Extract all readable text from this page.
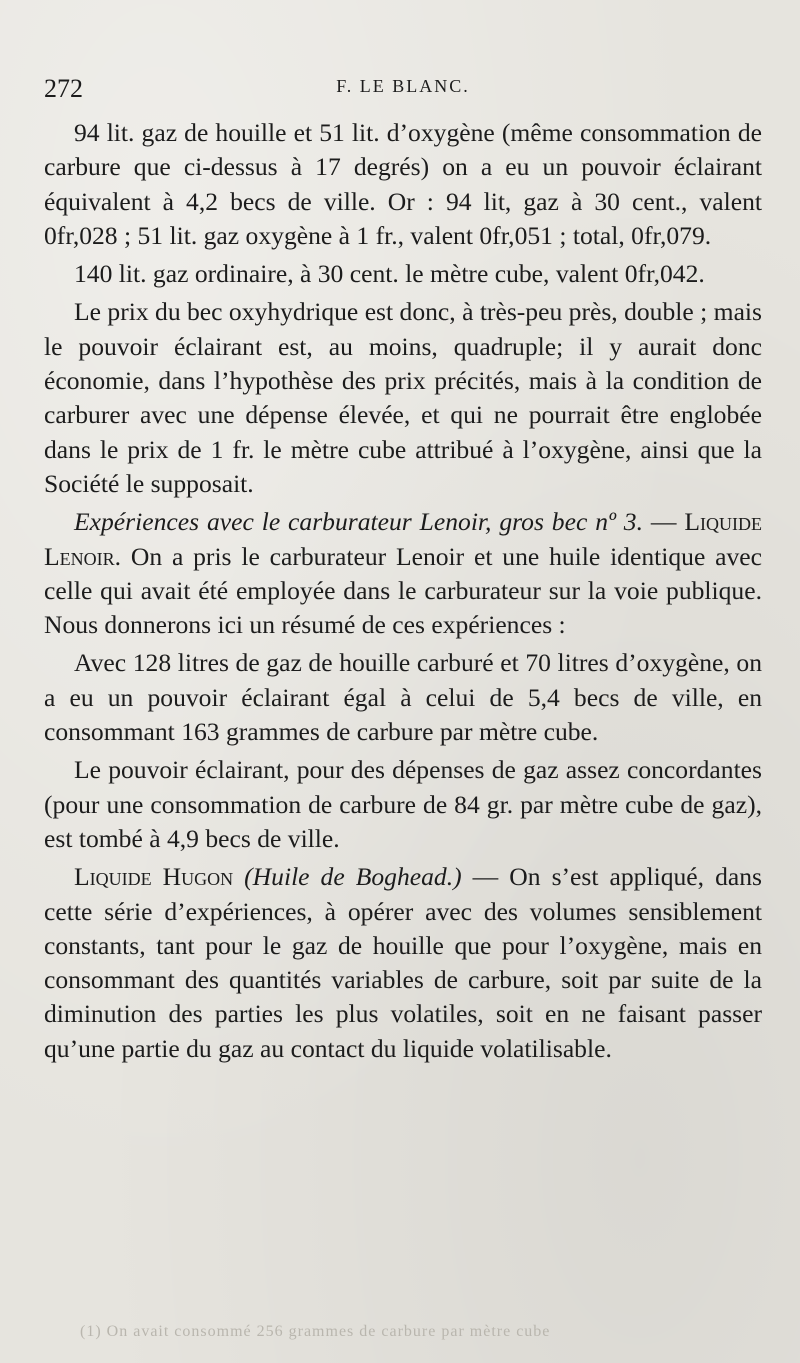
272	F. LE BLANC.

94 lit. gaz de houille et 51 lit. d’oxygène (même consommation de carbure que ci-dessus à 17 degrés) on a eu un pouvoir éclairant équivalent à 4,2 becs de ville. Or : 94 lit, gaz à 30 cent., valent 0fr,028 ; 51 lit. gaz oxygène à 1 fr., valent 0fr,051 ; total, 0fr,079.

140 lit. gaz ordinaire, à 30 cent. le mètre cube, valent 0fr,042.

Le prix du bec oxyhydrique est donc, à très-peu près, double ; mais le pouvoir éclairant est, au moins, quadruple; il y aurait donc économie, dans l’hypothèse des prix précités, mais à la condition de carburer avec une dépense élevée, et qui ne pourrait être englobée dans le prix de 1 fr. le mètre cube attribué à l’oxygène, ainsi que la Société le supposait.

Expériences avec le carburateur Lenoir, gros bec nº 3. — Liquide Lenoir. On a pris le carburateur Lenoir et une huile identique avec celle qui avait été employée dans le carburateur sur la voie publique. Nous donnerons ici un résumé de ces expériences :

Avec 128 litres de gaz de houille carburé et 70 litres d’oxygène, on a eu un pouvoir éclairant égal à celui de 5,4 becs de ville, en consommant 163 grammes de carbure par mètre cube.

Le pouvoir éclairant, pour des dépenses de gaz assez concordantes (pour une consommation de carbure de 84 gr. par mètre cube de gaz), est tombé à 4,9 becs de ville.

Liquide Hugon (Huile de Boghead.) — On s’est appliqué, dans cette série d’expériences, à opérer avec des volumes sensiblement constants, tant pour le gaz de houille que pour l’oxygène, mais en consommant des quantités variables de carbure, soit par suite de la diminution des parties les plus volatiles, soit en ne faisant passer qu’une partie du gaz au contact du liquide volatilisable.

(1) On avait consommé 256 grammes de carbure par mètre cube
